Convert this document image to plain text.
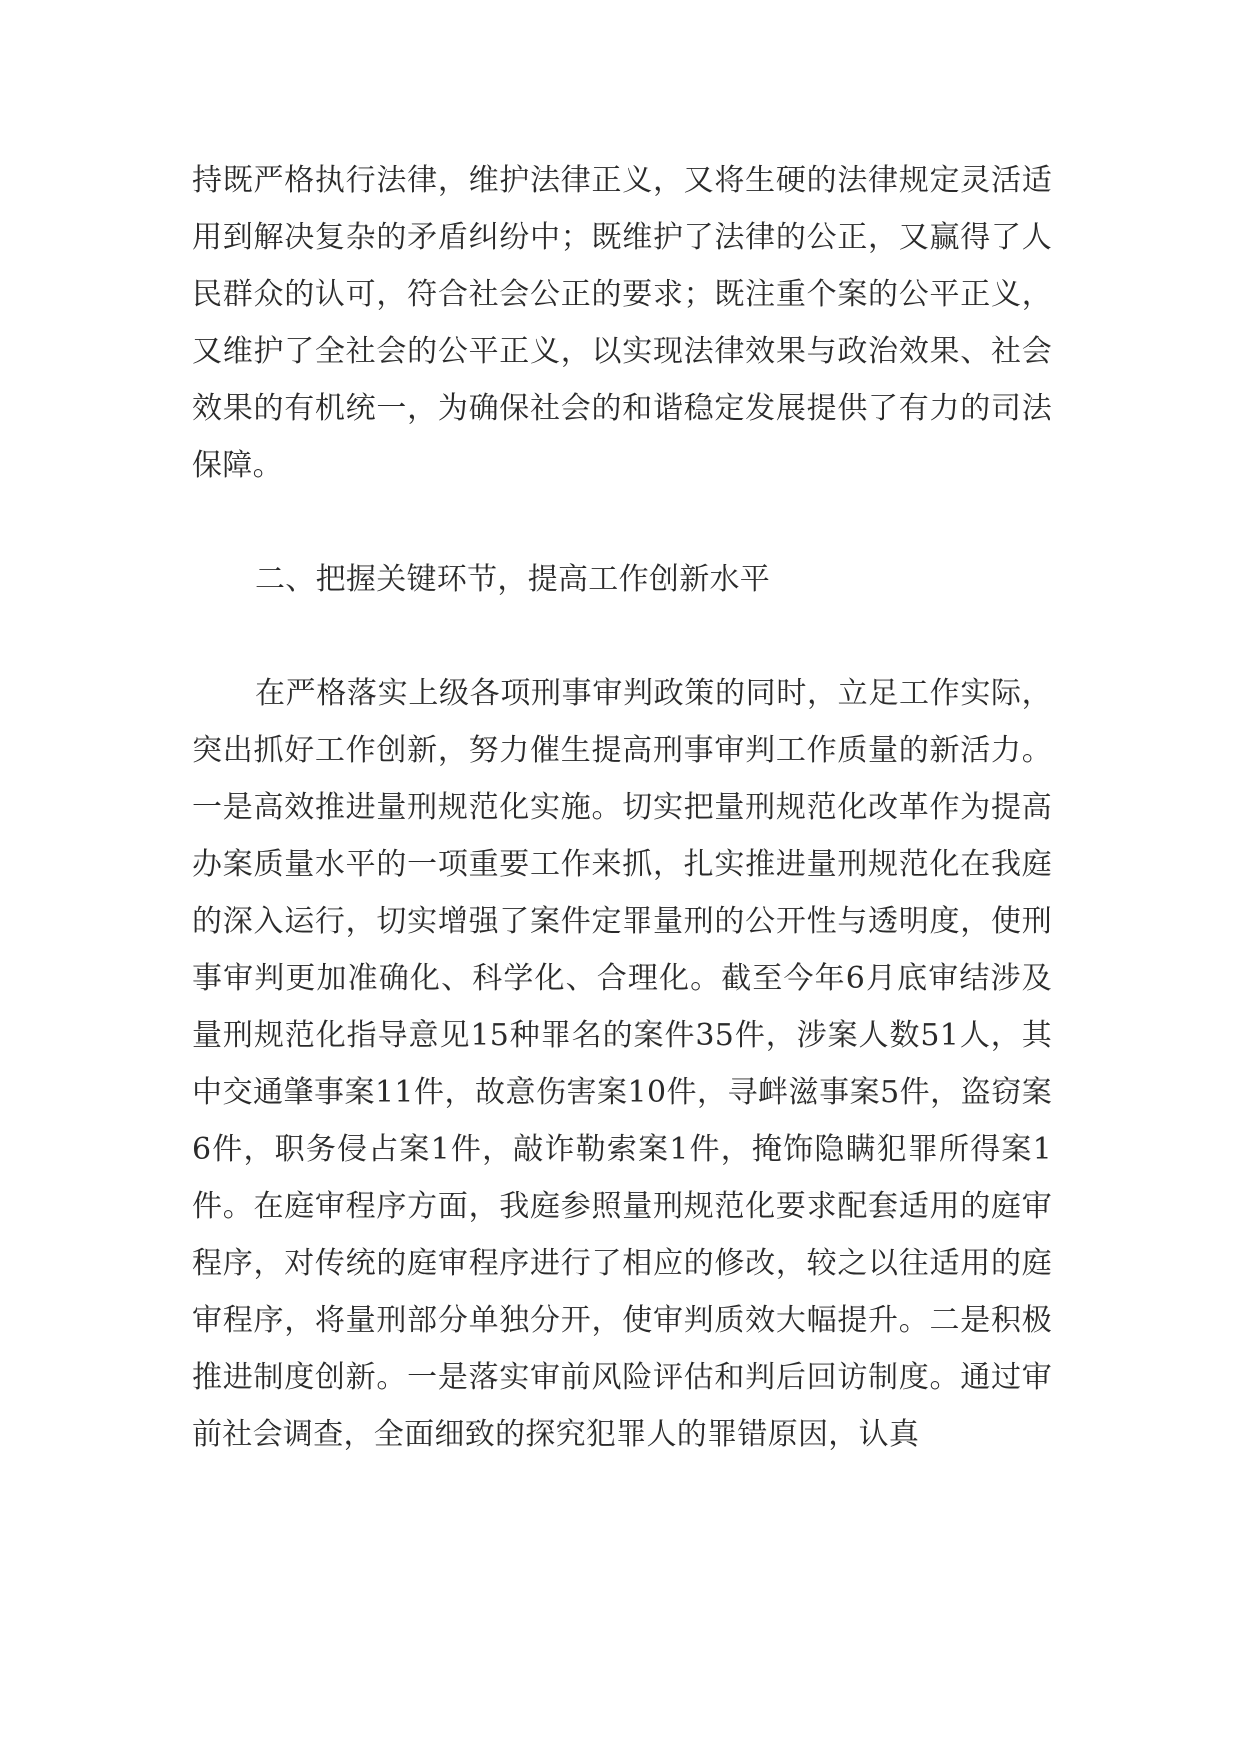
持既严格执行法律，维护法律正义，又将生硬的法律规定灵活适用到解决复杂的矛盾纠纷中；既维护了法律的公正，又赢得了人民群众的认可，符合社会公正的要求；既注重个案的公平正义，又维护了全社会的公平正义，以实现法律效果与政治效果、社会效果的有机统一，为确保社会的和谐稳定发展提供了有力的司法保障。

二、把握关键环节，提高工作创新水平

在严格落实上级各项刑事审判政策的同时，立足工作实际，突出抓好工作创新，努力催生提高刑事审判工作质量的新活力。一是高效推进量刑规范化实施。切实把量刑规范化改革作为提高办案质量水平的一项重要工作来抓，扎实推进量刑规范化在我庭的深入运行，切实增强了案件定罪量刑的公开性与透明度，使刑事审判更加准确化、科学化、合理化。截至今年6月底审结涉及量刑规范化指导意见15种罪名的案件35件，涉案人数51人，其中交通肇事案11件，故意伤害案10件，寻衅滋事案5件，盗窃案6件，职务侵占案1件，敲诈勒索案1件，掩饰隐瞒犯罪所得案1件。在庭审程序方面，我庭参照量刑规范化要求配套适用的庭审程序，对传统的庭审程序进行了相应的修改，较之以往适用的庭审程序，将量刑部分单独分开，使审判质效大幅提升。二是积极推进制度创新。一是落实审前风险评估和判后回访制度。通过审前社会调查，全面细致的探究犯罪人的罪错原因，认真
